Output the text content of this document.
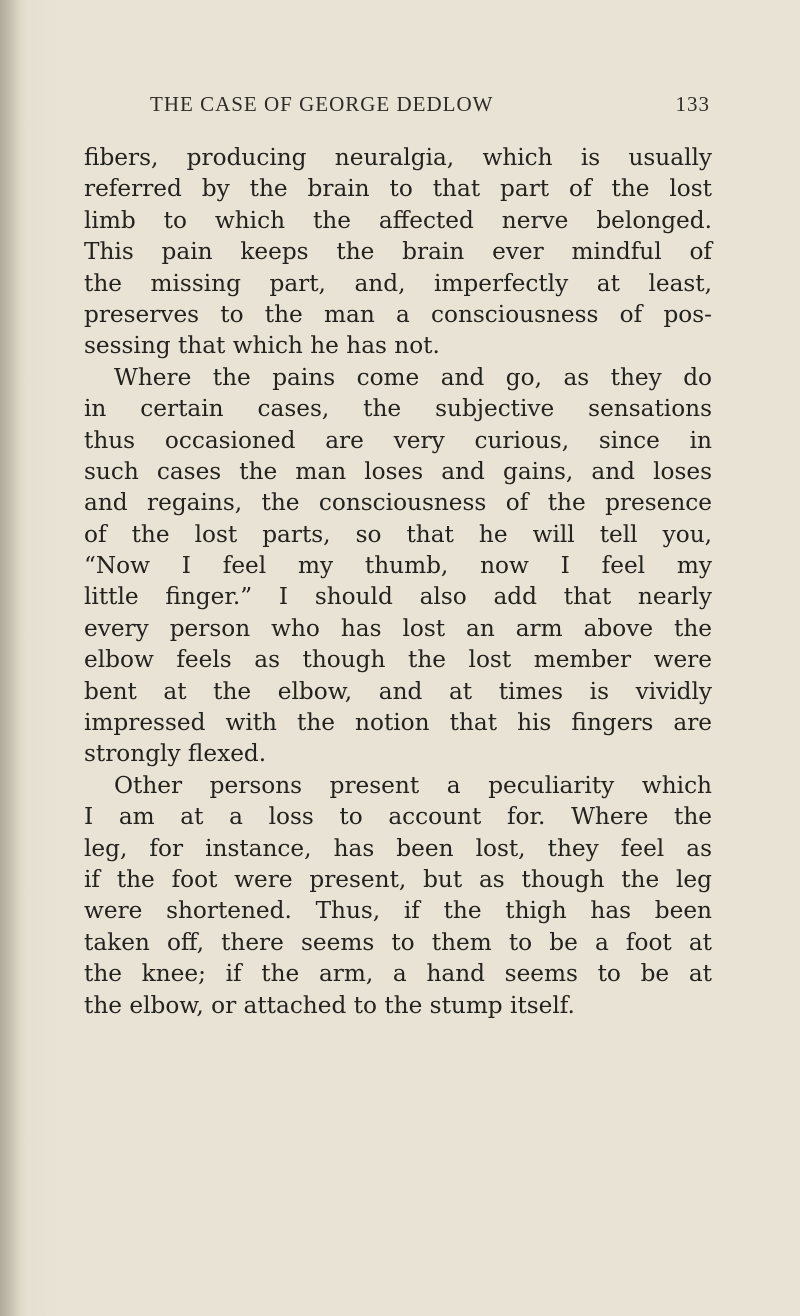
THE CASE OF GEORGE DEDLOW	133
fibers, producing neuralgia, which is usually
referred by the brain to that part of the lost
limb to which the affected nerve belonged.
This pain keeps the brain ever mindful of
the missing part, and, imperfectly at least,
preserves to the man a consciousness of pos-
sessing that which he has not.
Where the pains come and go, as they do
in certain cases, the subjective sensations
thus occasioned are very curious, since in
such cases the man loses and gains, and loses
and regains, the consciousness of the presence
of the lost parts, so that he will tell you,
“Now I feel my thumb, now I feel my
little finger.” I should also add that nearly
every person who has lost an arm above the
elbow feels as though the lost member were
bent at the elbow, and at times is vividly
impressed with the notion that his fingers are
strongly flexed.
Other persons present a peculiarity which
I am at a loss to account for. Where the
leg, for instance, has been lost, they feel as
if the foot were present, but as though the leg
were shortened. Thus, if the thigh has been
taken off, there seems to them to be a foot at
the knee; if the arm, a hand seems to be at
the elbow, or attached to the stump itself.
